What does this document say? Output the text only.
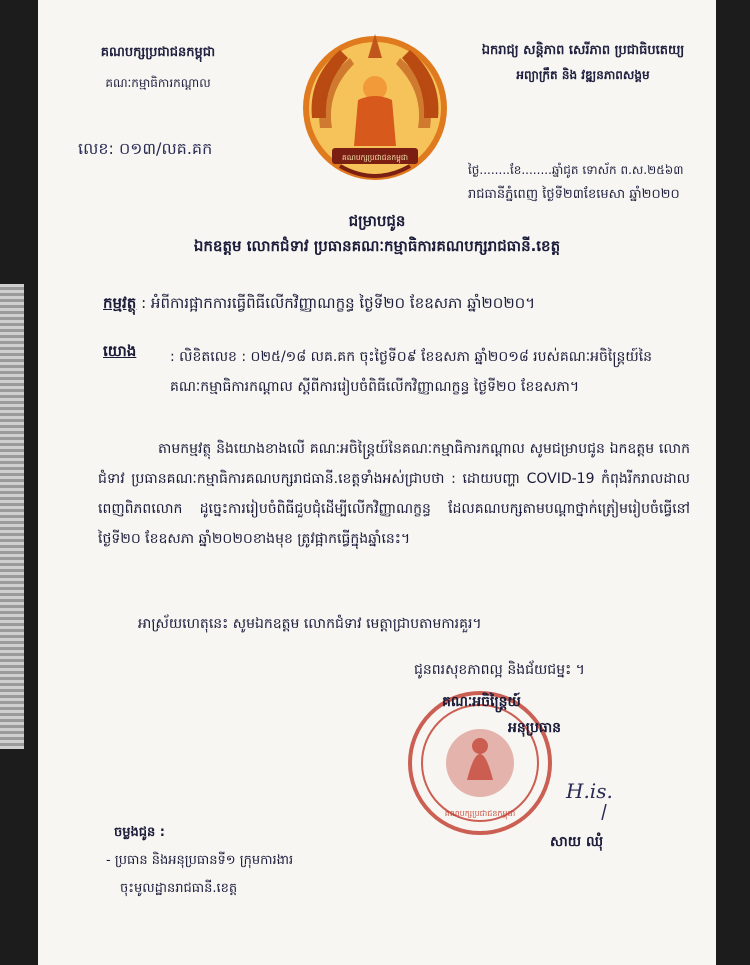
គណបក្សប្រជាជនកម្ពុជា
គណៈកម្មាធិការកណ្តាល
គណបក្សប្រជាជនកម្ពុជា
ឯករាជ្យ សន្តិភាព សេរីភាព ប្រជាធិបតេយ្យ
អព្យាក្រឹត និង វឌ្ឍនភាពសង្គម
លេខ: ០១៣/លគ.គក
ថ្ងៃ........ខែ........ឆ្នាំជូត ទោស័ក ព.ស.២៥៦៣
រាជធានីភ្នំពេញ ថ្ងៃទី២៣ខែមេសា ឆ្នាំ២០២០
ជម្រាបជូន
ឯកឧត្តម លោកជំទាវ ប្រធានគណៈកម្មាធិការគណបក្សរាជធានី.ខេត្ត
កម្មវត្ថុ : អំពីការផ្អាកការធ្វើពិធីលើកវិញ្ញាណក្ខន្ធ ថ្ងៃទី២០ ខែឧសភា ឆ្នាំ២០២០។
យោង : លិខិតលេខ : ០២៥/១៨ លគ.គក ចុះថ្ងៃទី០៩ ខែឧសភា ឆ្នាំ២០១៨ របស់គណៈអចិន្ត្រៃយ៍នៃគណៈកម្មាធិការកណ្តាល ស្តីពីការរៀបចំពិធីលើកវិញ្ញាណក្ខន្ធ ថ្ងៃទី២០ ខែឧសភា។
តាមកម្មវត្ថុ និងយោងខាងលើ គណៈអចិន្ត្រៃយ៍នៃគណៈកម្មាធិការកណ្តាល សូមជម្រាបជូន ឯកឧត្តម លោកជំទាវ ប្រធានគណៈកម្មាធិការគណបក្សរាជធានី.ខេត្តទាំងអស់ជ្រាបថា : ដោយបញ្ហា COVID-19 កំពុងរីករាលដាលពេញពិភពលោក ដូច្នេះការរៀបចំពិធីជួបជុំដើម្បីលើកវិញ្ញាណក្ខន្ធ ដែលគណបក្សតាមបណ្តាថ្នាក់ត្រៀមរៀបចំធ្វើនៅថ្ងៃទី២០ ខែឧសភា ឆ្នាំ២០២០ខាងមុខ ត្រូវផ្អាកធ្វើក្នុងឆ្នាំនេះ។
អាស្រ័យហេតុនេះ សូមឯកឧត្តម លោកជំទាវ មេត្តាជ្រាបតាមការគួរ។
ជូនពរសុខភាពល្អ និងជ័យជម្នះ ។
គណបក្សប្រជាជនកម្ពុជា
គណៈអចិន្ត្រៃយ៍
អនុប្រធាន
H.is.
សាយ ឈុំ
ចម្លងជូន :
- ប្រធាន និងអនុប្រធានទី១ ក្រុមការងារ
ចុះមូលដ្ឋានរាជធានី.ខេត្ត
